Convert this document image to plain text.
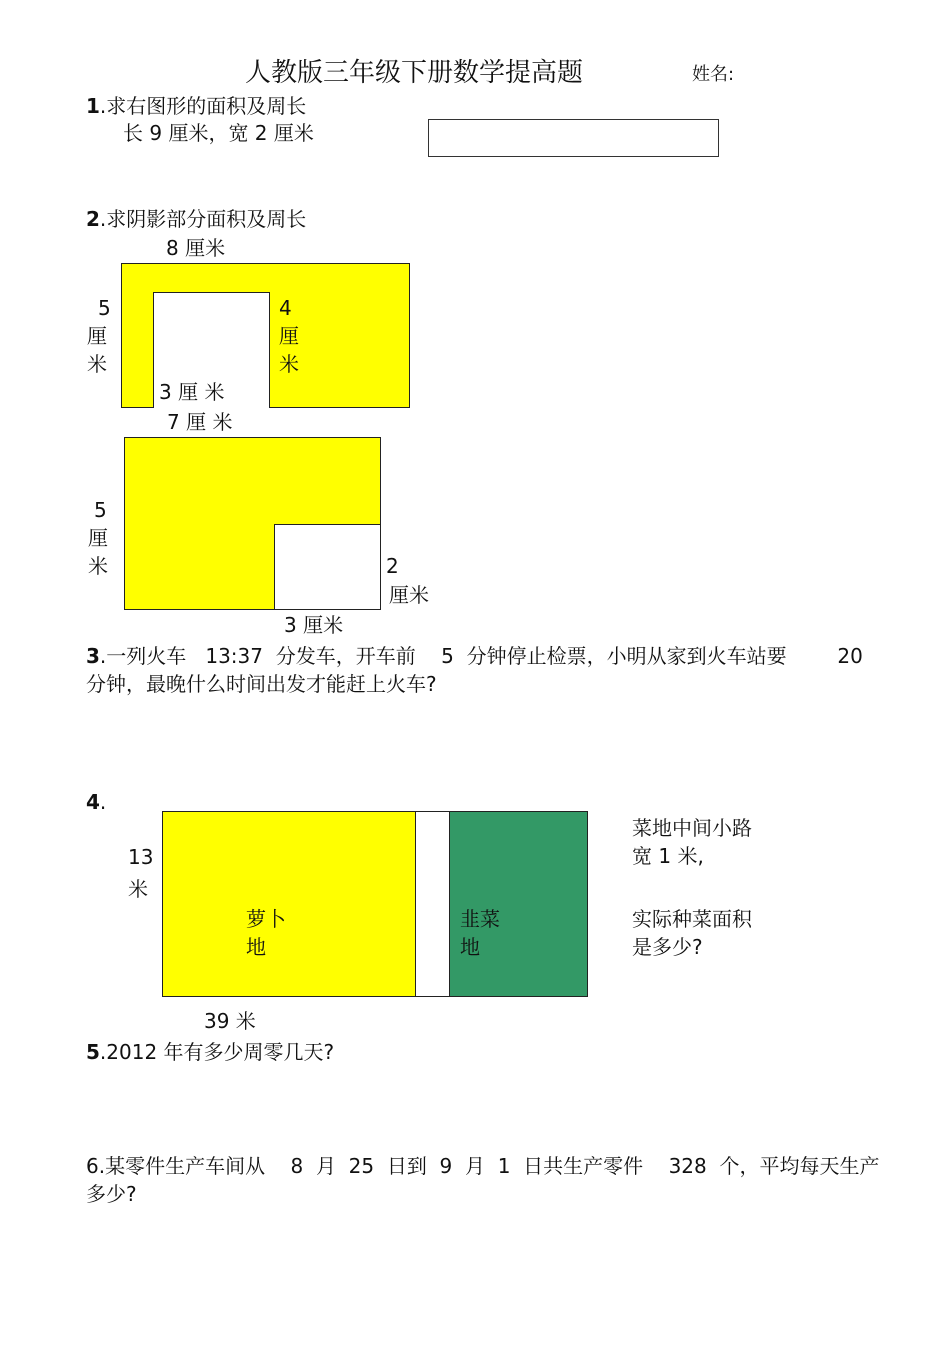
人教版三年级下册数学提高题	姓名:
1.求右图形的面积及周长
长 9 厘米，宽 2 厘米
2.求阴影部分面积及周长
8 厘米
5
厘
米
4
厘
米
3 厘 米
7 厘 米
5
厘
米	2
厘米
3 厘米
3.一列火车   13:37  分发车，开车前    5  分钟停止检票，小明从家到火车站要        20
分钟，最晚什么时间出发才能赶上火车?
4.
13
米
萝卜
地
韭菜
地
39 米
菜地中间小路
宽 1 米,
实际种菜面积
是多少?
5.2012 年有多少周零几天?
6.某零件生产车间从    8  月  25  日到  9  月  1  日共生产零件    328  个，平均每天生产
多少?
